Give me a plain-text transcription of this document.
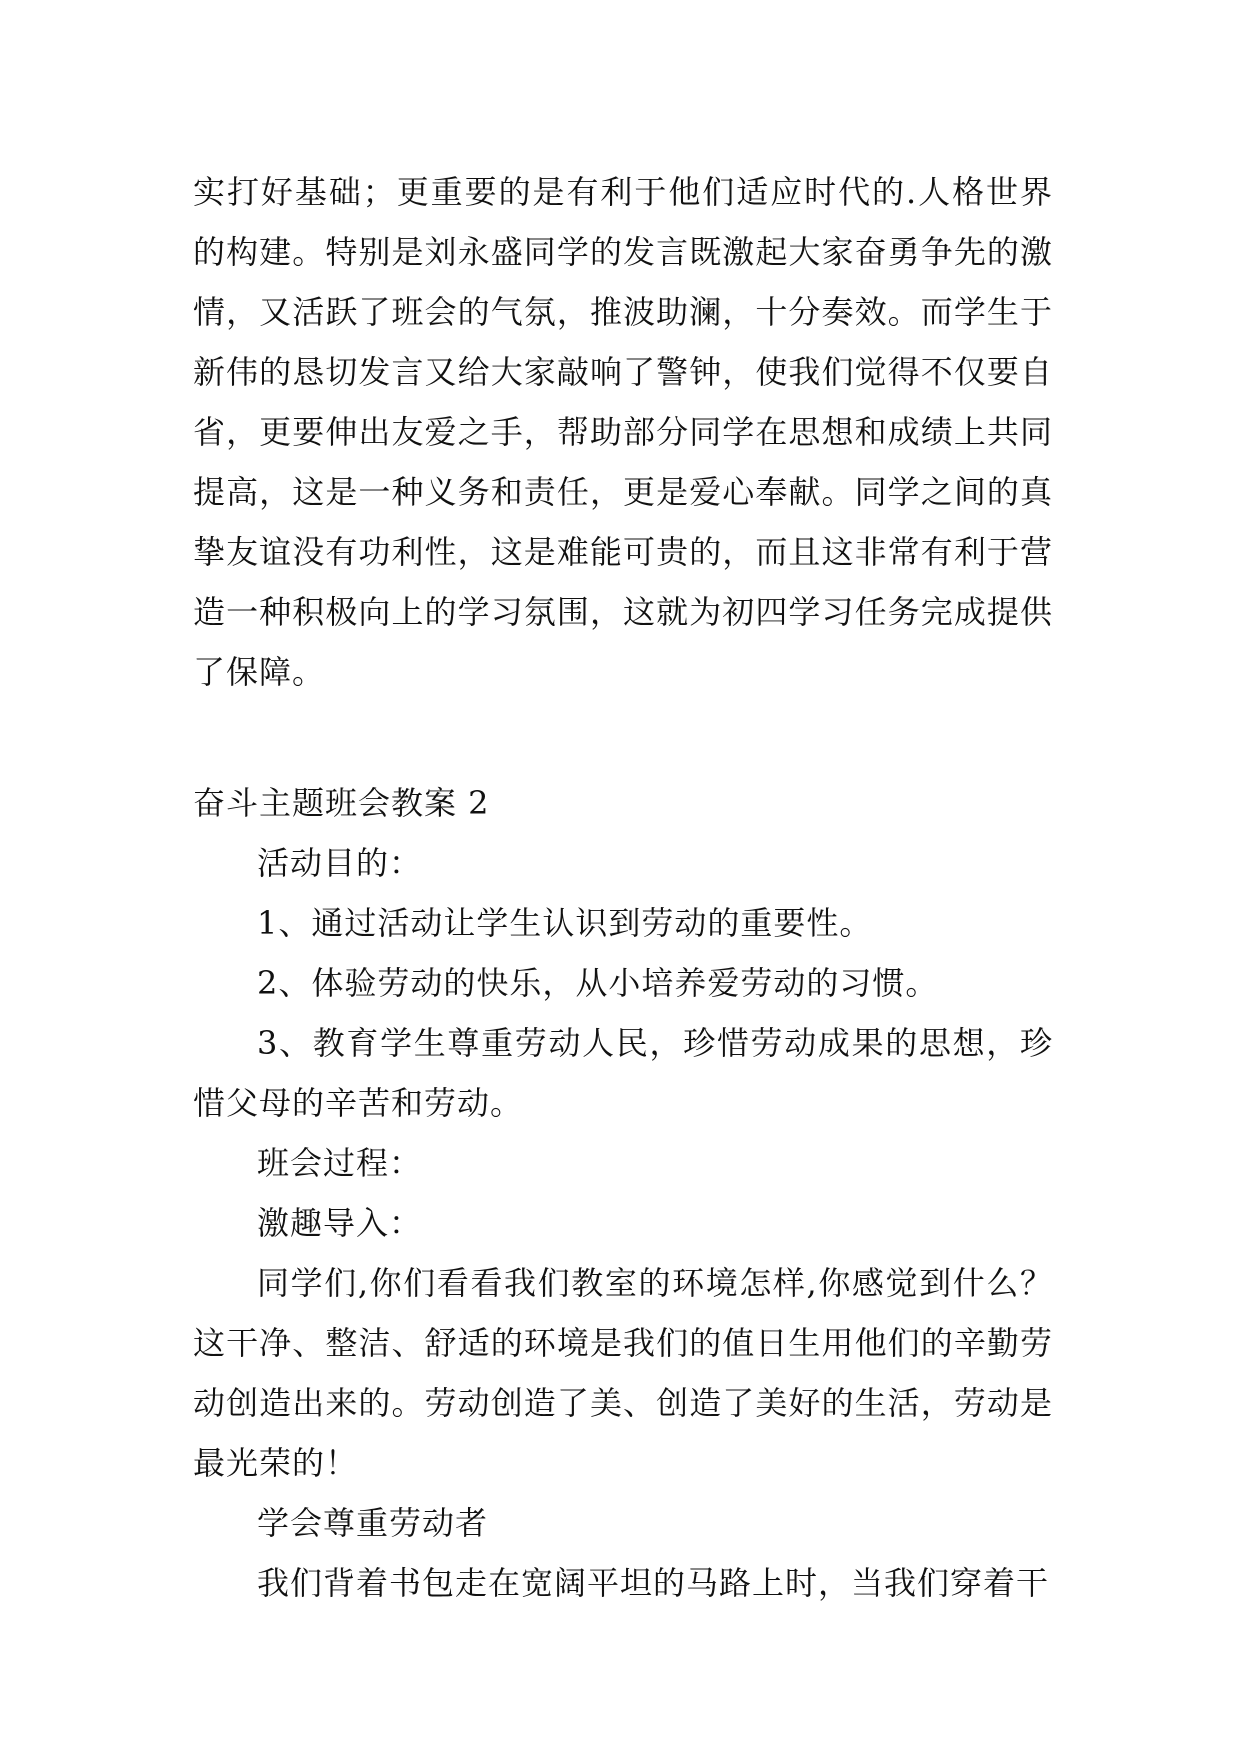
实打好基础；更重要的是有利于他们适应时代的.人格世界的构建。特别是刘永盛同学的发言既激起大家奋勇争先的激情，又活跃了班会的气氛，推波助澜，十分奏效。而学生于新伟的恳切发言又给大家敲响了警钟，使我们觉得不仅要自省，更要伸出友爱之手，帮助部分同学在思想和成绩上共同提高，这是一种义务和责任，更是爱心奉献。同学之间的真挚友谊没有功利性，这是难能可贵的，而且这非常有利于营造一种积极向上的学习氛围，这就为初四学习任务完成提供了保障。

奋斗主题班会教案 2

活动目的：

1、通过活动让学生认识到劳动的重要性。

2、体验劳动的快乐，从小培养爱劳动的习惯。

3、教育学生尊重劳动人民，珍惜劳动成果的思想，珍惜父母的辛苦和劳动。

班会过程：

激趣导入：

同学们,你们看看我们教室的环境怎样,你感觉到什么？这干净、整洁、舒适的环境是我们的值日生用他们的辛勤劳动创造出来的。劳动创造了美、创造了美好的生活，劳动是最光荣的！

学会尊重劳动者

我们背着书包走在宽阔平坦的马路上时，当我们穿着干
